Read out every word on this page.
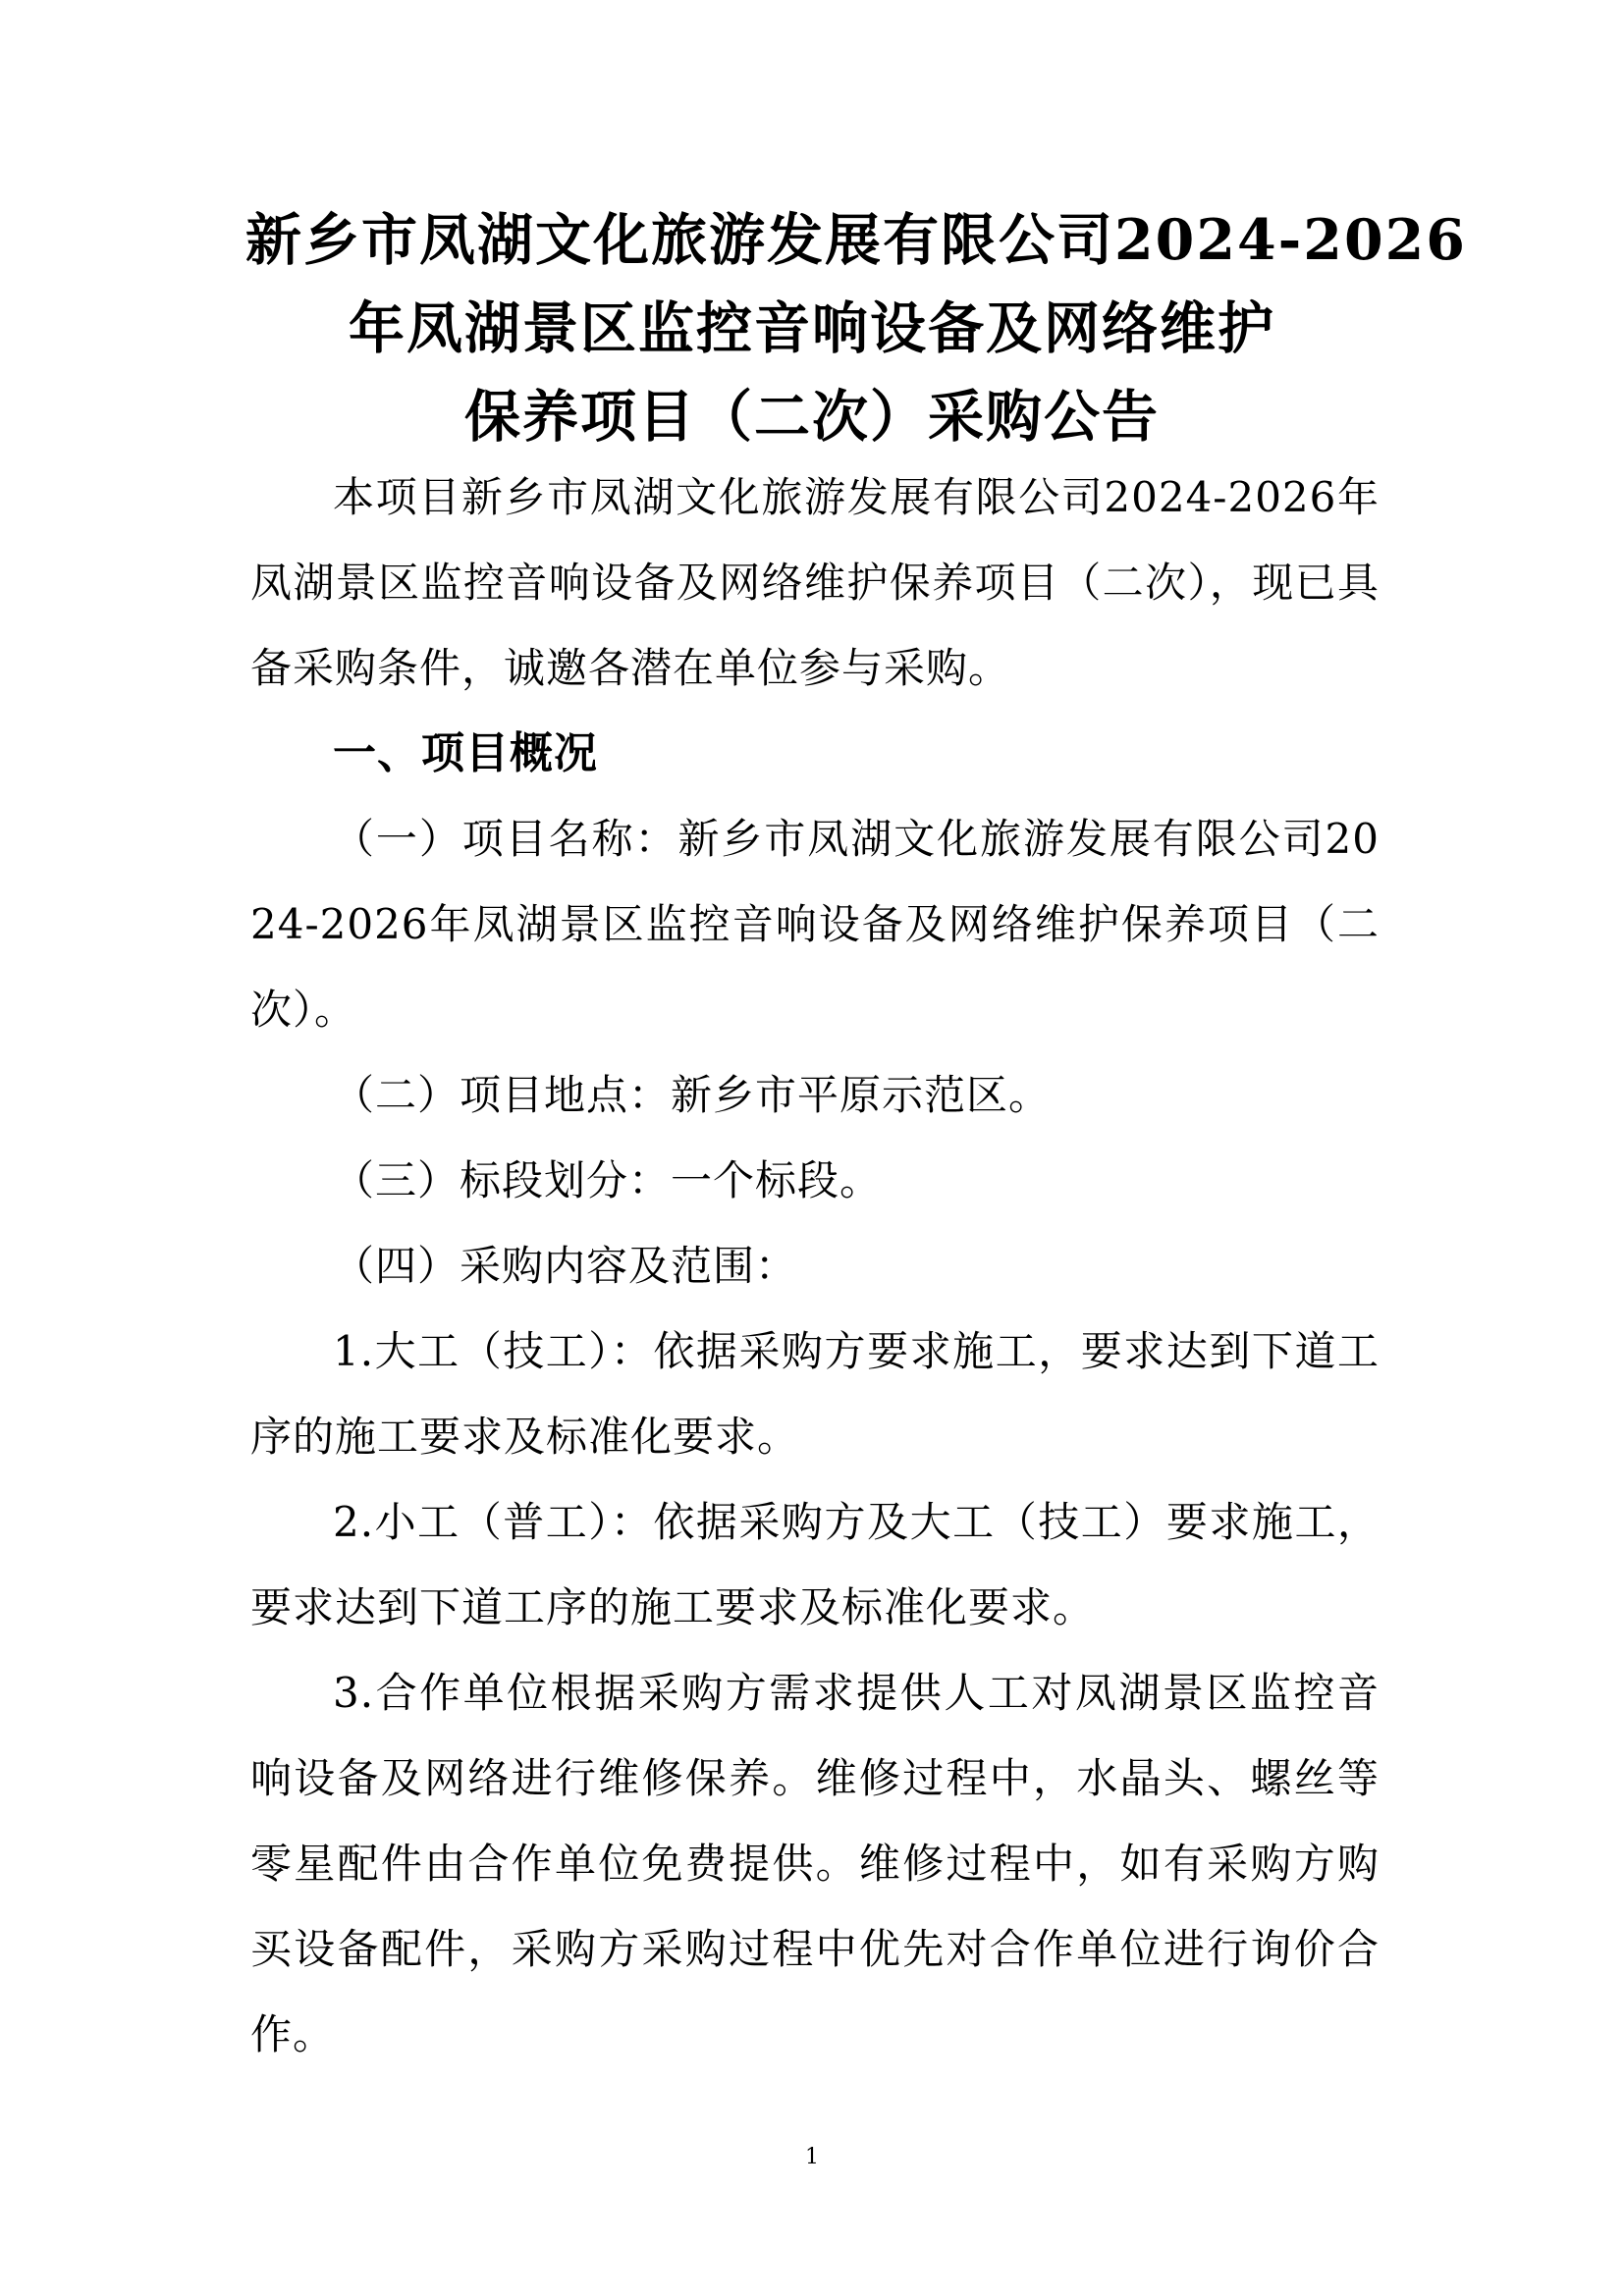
新乡市凤湖文化旅游发展有限公司2024-2026
年凤湖景区监控音响设备及网络维护
保养项目（二次）采购公告

本项目新乡市凤湖文化旅游发展有限公司2024-2026年凤湖景区监控音响设备及网络维护保养项目（二次），现已具备采购条件，诚邀各潜在单位参与采购。

一、项目概况

（一）项目名称：新乡市凤湖文化旅游发展有限公司2024-2026年凤湖景区监控音响设备及网络维护保养项目（二次）。

（二）项目地点：新乡市平原示范区。

（三）标段划分：一个标段。

（四）采购内容及范围：

1.大工（技工）：依据采购方要求施工，要求达到下道工序的施工要求及标准化要求。

2.小工（普工）：依据采购方及大工（技工）要求施工，要求达到下道工序的施工要求及标准化要求。

3.合作单位根据采购方需求提供人工对凤湖景区监控音响设备及网络进行维修保养。维修过程中，水晶头、螺丝等零星配件由合作单位免费提供。维修过程中，如有采购方购买设备配件，采购方采购过程中优先对合作单位进行询价合作。

1
